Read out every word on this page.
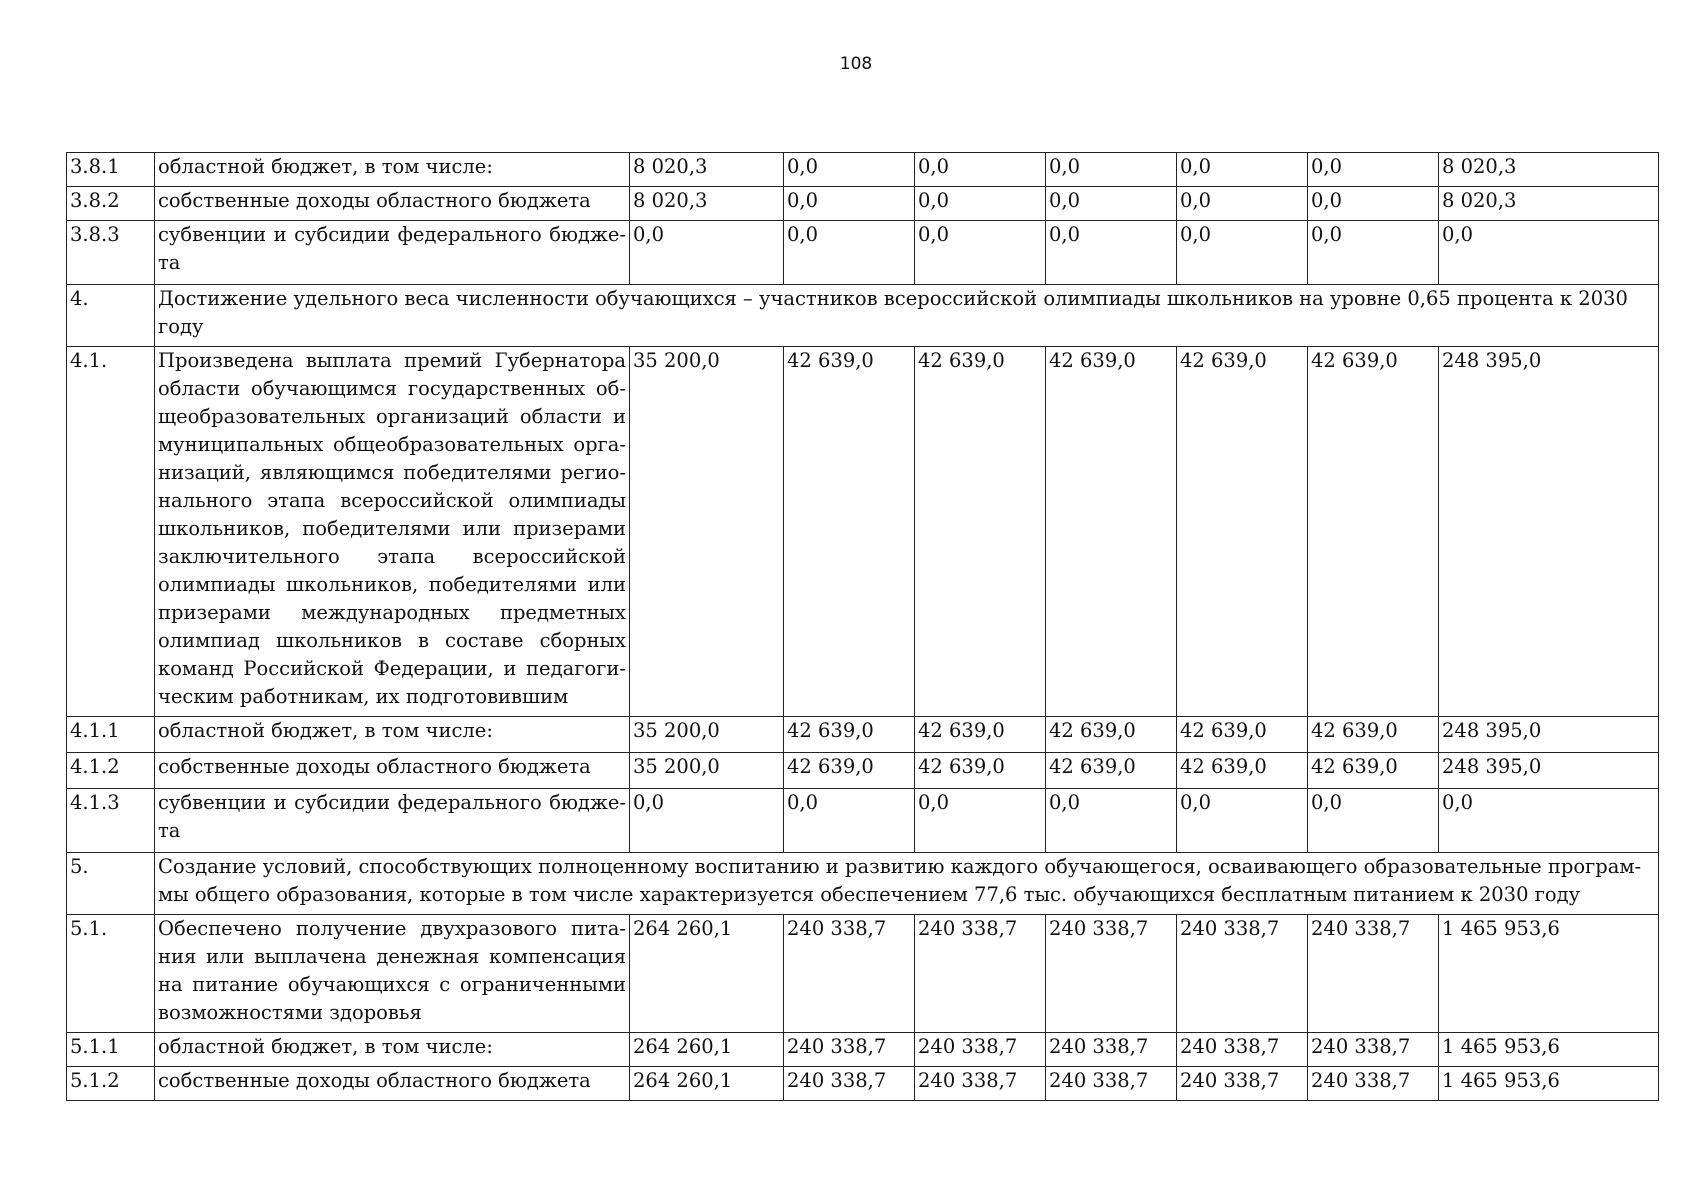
108
3.8.1	областной бюджет, в том числе:	8 020,3	0,0	0,0	0,0	0,0	0,0	8 020,3
3.8.2	собственные доходы областного бюджета	8 020,3	0,0	0,0	0,0	0,0	0,0	8 020,3
3.8.3	субвенции и субсидии федерального бюдже-та	0,0	0,0	0,0	0,0	0,0	0,0	0,0
4.	Достижение удельного веса численности обучающихся – участников всероссийской олимпиады школьников на уровне 0,65 процента к 2030 году							
4.1.	Произведена выплата премий Губернатора области обучающимся государственных об-щеобразовательных организаций области и муниципальных общеобразовательных орга-низаций, являющимся победителями регио-нального этапа всероссийской олимпиады школьников, победителями или призерами заключительного этапа всероссийской олимпиады школьников, победителями или призерами международных предметных олимпиад школьников в составе сборных команд Российской Федерации, и педагоги-ческим работникам, их подготовившим	35 200,0	42 639,0	42 639,0	42 639,0	42 639,0	42 639,0	248 395,0
4.1.1	областной бюджет, в том числе:	35 200,0	42 639,0	42 639,0	42 639,0	42 639,0	42 639,0	248 395,0
4.1.2	собственные доходы областного бюджета	35 200,0	42 639,0	42 639,0	42 639,0	42 639,0	42 639,0	248 395,0
4.1.3	субвенции и субсидии федерального бюдже-та	0,0	0,0	0,0	0,0	0,0	0,0	0,0
5.	Создание условий, способствующих полноценному воспитанию и развитию каждого обучающегося, осваивающего образовательные програм-мы общего образования, которые в том числе характеризуется обеспечением 77,6 тыс. обучающихся бесплатным питанием к 2030 году							
5.1.	Обеспечено получение двухразового пита-ния или выплачена денежная компенсация на питание обучающихся с ограниченными возможностями здоровья	264 260,1	240 338,7	240 338,7	240 338,7	240 338,7	240 338,7	1 465 953,6
5.1.1	областной бюджет, в том числе:	264 260,1	240 338,7	240 338,7	240 338,7	240 338,7	240 338,7	1 465 953,6
5.1.2	собственные доходы областного бюджета	264 260,1	240 338,7	240 338,7	240 338,7	240 338,7	240 338,7	1 465 953,6
